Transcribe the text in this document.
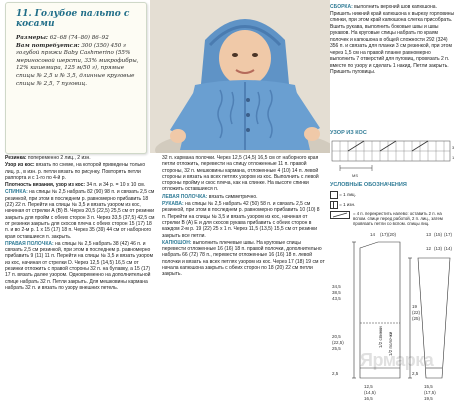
11. Голубое пальто с косами
Размеры: 62–68 (74–80) 86–92
Вам потребуется: 300 (350) 450 г голубой пряжи Baby Cashmerino (55% мериносовой шерсти, 33% микрофибры, 12% кашемира, 125 м/50 г), прямые спицы № 2,5 и № 3,5, длинные круговые спицы № 2,5, 7 пуговиц.

Резинка: попеременно 2 лиц., 2 изн.

Узор из кос: вязать по схеме, на которой приведены только лиц. р., в изн. р. петли вязать по рисунку. Повторять петли раппорта и с 1-го по 4-й р.

Плотность вязания, узор из кос: 34 п. и 34 р. = 10 х 10 см.

СПИНКА: на спицы № 2,5 набрать 82 (90) 98 п. и связать 2,5 см резинкой, при этом в последнем р. равномерно прибавить 18 (22) 22 п. Перейти на спицы № 3,5 и вязать узором из кос, начиная от стрелки А (В) В. Через 20,5 (22,5) 25,5 см от резинки закрыть для пройм с обеих сторон 3 п. Через 33,5 (37,5) 42,5 см от резинки закрыть для скосов плеча с обеих сторон 15 (17) 18 п. и во 2-м р. 1 х 15 (17) 18 п. Через 35 (39) 44 см от наборного края оставшиеся п. закрыть.

ПРАВАЯ ПОЛОЧКА: на спицы № 2,5 набрать 38 (42) 46 п. и связать 2,5 см резинкой, при этом в последнем р. равномерно прибавить 9 (11) 11 п. Перейти на спицы № 3,5 и вязать узором из кос, начиная от стрелки D. Через 12,5 (14,5) 16,5 см от резинки отложить с правой стороны 32 п. на булавку, а 15 (17) 17 п. вязать далее узором. Одновременно на дополнительной спице набрать 32 п. Петли закрыть. Для мешковины кармана набрать 32 п. и вязать по узору внешних петель.

32 п. кармана полочки. Через 12,5 (14,5) 16,5 см от наборного края петли отложить, перевести на спицу отложенные 11 п. правой стороны, 32 п. мешковины кармана, отложенные 4 (10) 14 п. левой стороны и вязать на всех петлях узором из кос. Выполнить с левой стороны пройму и скос плеча, как на спинке. На высоте спинки отложить оставшиеся п.

ЛЕВАЯ ПОЛОЧКА: вязать симметрично.

РУКАВА: на спицы № 2,5 набрать 42 (50) 58 п. и связать 2,5 см резинкой, при этом в последнем р. равномерно прибавить 10 (10) 8 п. Перейти на спицы № 3,5 и вязать узором из кос, начиная от стрелки В (А) Е и для скосов рукава прибавить с обеих сторон в каждом 2-м р. 19 (22) 25 х 1 п. Через 11,5 (13,5) 15,5 см от резинки закрыть все петли.

КАПЮШОН: выполнить плечевые швы. На круговые спицы перевести отложенные 16 (16) 18 п. правой полочки, дополнительно набрать 66 (72) 78 п., перевести отложенные 16 (16) 18 п. левой полочки и вязать на всех петлях узором из кос. Через 17 (18) 19 см от начала капюшона закрыть с обеих сторон по 18 (20) 22 см петли закрыть.

СБОРКА: выполнить верхний шов капюшона. Пришить нижний край капюшона к вырезу горловины спинки, при этом край капюшона слегка присобрать. Вшить рукава, выполнить боковые швы и швы рукавов. На круговые спицы набрать по краям полочек и капюшона в общей сложности 292 (324) 356 п. и связать для планки 3 см резинкой, при этом через 1,5 см на правой планке равномерно выполнить 7 отверстий для пуговиц, провязать 2 п. вместе по узору и сделать 1 накид. Петли закрыть. Пришить пуговицы.

УЗОР ИЗ КОС
3
1
MS
УСЛОВНЫЕ ОБОЗНАЧЕНИЯ
= 1 лиц.
= 1 изн.
= 4 п. перекрестить налево: оставить 2 п. на вспом. спице перед работой, 2 п. лиц., затем провязать петли со вспом. спицы лиц.
34,5
38,5
43,5
14 (17) (20)
20,5
(22,5)
25,5
2,5
12,5
(14,5)
16,5
13 (15) (17)
12 (13) (14)
19
(22)
(25)
2,5
15,5
(17,5)
19,5
1/2 спинки 1/2 полочки
Ярмарка
